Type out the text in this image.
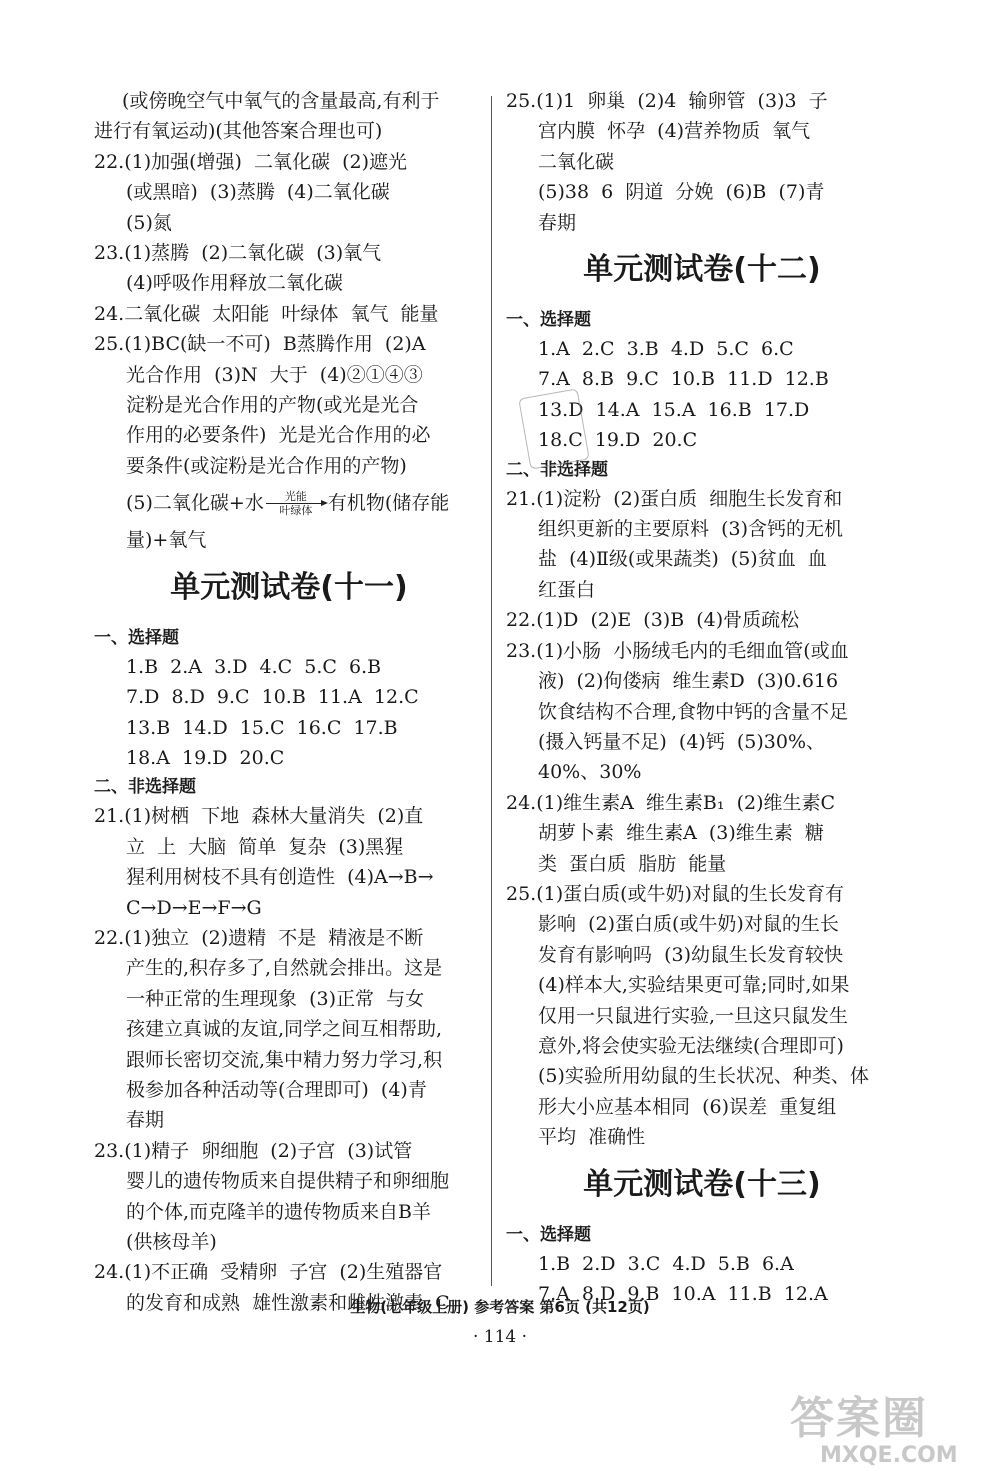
(或傍晚空气中氧气的含量最高,有利于
进行有氧运动)(其他答案合理也可)
22.(1)加强(增强)  二氧化碳  (2)遮光
(或黑暗)  (3)蒸腾  (4)二氧化碳
(5)氮
23.(1)蒸腾  (2)二氧化碳  (3)氧气
(4)呼吸作用释放二氧化碳
24.二氧化碳  太阳能  叶绿体  氧气  能量
25.(1)BC(缺一不可)  B蒸腾作用  (2)A
光合作用  (3)N  大于  (4)②①④③
淀粉是光合作用的产物(或光是光合
作用的必要条件)  光是光合作用的必
要条件(或淀粉是光合作用的产物)
(5)二氧化碳+水 光能
叶绿体 有机物(储存能
量)+氧气
单元测试卷(十一)
一、选择题
1.B  2.A  3.D  4.C  5.C  6.B
7.D  8.D  9.C  10.B  11.A  12.C
13.B  14.D  15.C  16.C  17.B
18.A  19.D  20.C
二、非选择题
21.(1)树栖  下地  森林大量消失  (2)直
立  上  大脑  简单  复杂  (3)黑猩
猩利用树枝不具有创造性  (4)A→B→
C→D→E→F→G
22.(1)独立  (2)遗精  不是  精液是不断
产生的,积存多了,自然就会排出。这是
一种正常的生理现象  (3)正常  与女
孩建立真诚的友谊,同学之间互相帮助,
跟师长密切交流,集中精力努力学习,积
极参加各种活动等(合理即可)  (4)青
春期
23.(1)精子  卵细胞  (2)子宫  (3)试管
婴儿的遗传物质来自提供精子和卵细胞
的个体,而克隆羊的遗传物质来自B羊
(供核母羊)
24.(1)不正确  受精卵  子宫  (2)生殖器官
的发育和成熟  雄性激素和雌性激素  C
25.(1)1  卵巢  (2)4  输卵管  (3)3  子
宫内膜  怀孕  (4)营养物质  氧气
二氧化碳
(5)38  6  阴道  分娩  (6)B  (7)青
春期
单元测试卷(十二)
一、选择题
1.A  2.C  3.B  4.D  5.C  6.C
7.A  8.B  9.C  10.B  11.D  12.B
13.D  14.A  15.A  16.B  17.D
18.C  19.D  20.C
二、非选择题
21.(1)淀粉  (2)蛋白质  细胞生长发育和
组织更新的主要原料  (3)含钙的无机
盐  (4)Ⅱ级(或果蔬类)  (5)贫血  血
红蛋白
22.(1)D  (2)E  (3)B  (4)骨质疏松
23.(1)小肠  小肠绒毛内的毛细血管(或血
液)  (2)佝偻病  维生素D  (3)0.616
饮食结构不合理,食物中钙的含量不足
(摄入钙量不足)  (4)钙  (5)30%、
40%、30%
24.(1)维生素A  维生素B₁  (2)维生素C
胡萝卜素  维生素A  (3)维生素  糖
类  蛋白质  脂肪  能量
25.(1)蛋白质(或牛奶)对鼠的生长发育有
影响  (2)蛋白质(或牛奶)对鼠的生长
发育有影响吗  (3)幼鼠生长发育较快
(4)样本大,实验结果更可靠;同时,如果
仅用一只鼠进行实验,一旦这只鼠发生
意外,将会使实验无法继续(合理即可)
(5)实验所用幼鼠的生长状况、种类、体
形大小应基本相同  (6)误差  重复组
平均  准确性
单元测试卷(十三)
一、选择题
1.B  2.D  3.C  4.D  5.B  6.A
7.A  8.D  9.B  10.A  11.B  12.A
生物(七年级上册) 参考答案 第6页 (共12页)
· 114 ·
答案圈
MXQE.COM
